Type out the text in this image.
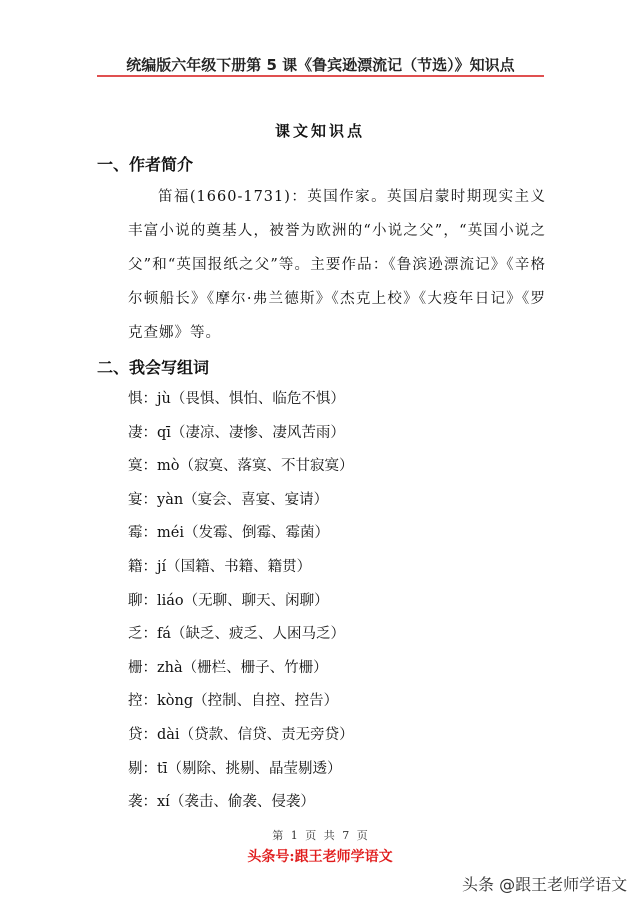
统编版六年级下册第 5 课《鲁宾逊漂流记（节选）》知识点
课文知识点
一、作者简介
笛福(1660-1731)：英国作家。英国启蒙时期现实主义丰富小说的奠基人，被誉为欧洲的“小说之父”，“英国小说之父”和“英国报纸之父”等。主要作品：《鲁滨逊漂流记》《辛格尔顿船长》《摩尔·弗兰德斯》《杰克上校》《大疫年日记》《罗克查娜》等。
二、我会写组词
惧：jù（畏惧、惧怕、临危不惧）
凄：qī（凄凉、凄惨、凄风苦雨）
寞：mò（寂寞、落寞、不甘寂寞）
宴：yàn（宴会、喜宴、宴请）
霉：méi（发霉、倒霉、霉菌）
籍：jí（国籍、书籍、籍贯）
聊：liáo（无聊、聊天、闲聊）
乏：fá（缺乏、疲乏、人困马乏）
栅：zhà（栅栏、栅子、竹栅）
控：kòng（控制、自控、控告）
贷：dài（贷款、信贷、责无旁贷）
剔：tī（剔除、挑剔、晶莹剔透）
袭：xí（袭击、偷袭、侵袭）
第 1 页 共 7 页
头条号:跟王老师学语文
头条 @跟王老师学语文
